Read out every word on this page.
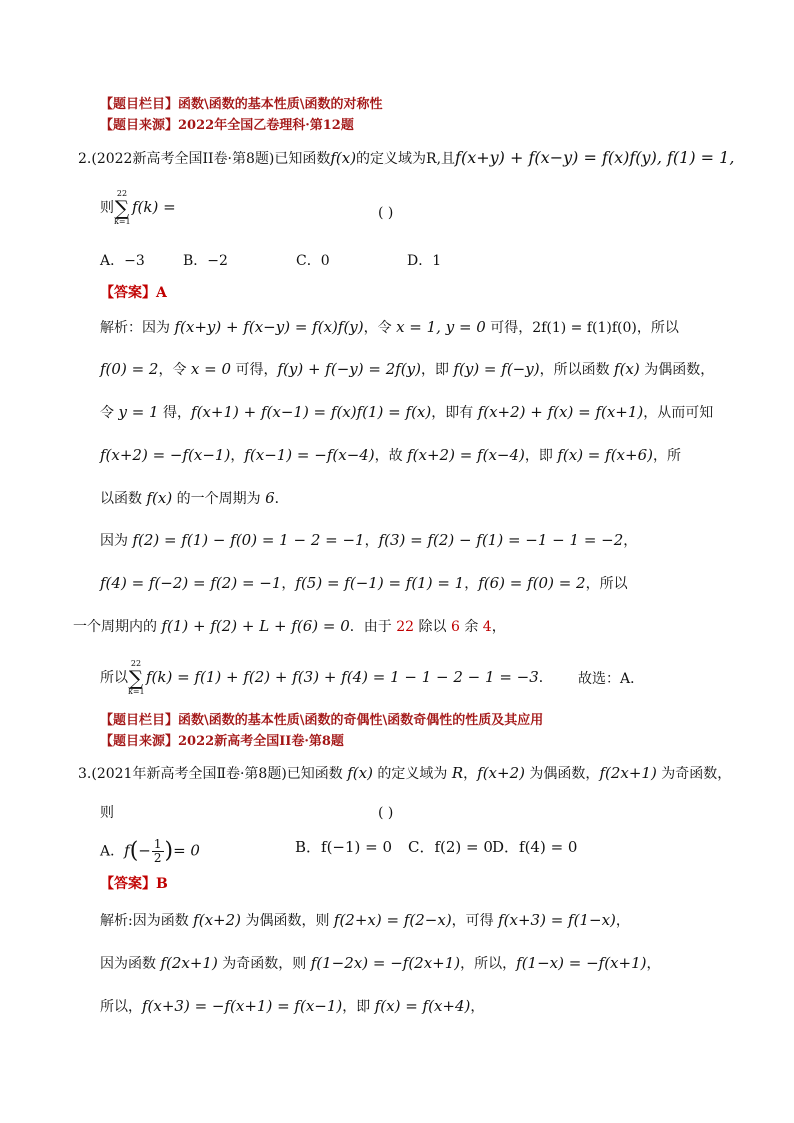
【题目栏目】函数\函数的基本性质\函数的对称性
【题目来源】2022年全国乙卷理科·第12题
2.(2022新高考全国II卷·第8题)已知函数f(x)的定义域为R,且f(x+y) + f(x−y) = f(x)f(y), f(1) = 1,
则
22
∑
k=1
f(k) =	( )
A．−3	B．−2	C．0	D．1
【答案】A
解析：因为 f(x+y) + f(x−y) = f(x)f(y)，令 x = 1, y = 0 可得，2f(1) = f(1)f(0)，所以
f(0) = 2，令 x = 0 可得，f(y) + f(−y) = 2f(y)，即 f(y) = f(−y)，所以函数 f(x) 为偶函数，
令 y = 1 得，f(x+1) + f(x−1) = f(x)f(1) = f(x)，即有 f(x+2) + f(x) = f(x+1)，从而可知
f(x+2) = −f(x−1)，f(x−1) = −f(x−4)，故 f(x+2) = f(x−4)，即 f(x) = f(x+6)，所
以函数 f(x) 的一个周期为 6．
因为 f(2) = f(1) − f(0) = 1 − 2 = −1，f(3) = f(2) − f(1) = −1 − 1 = −2，
f(4) = f(−2) = f(2) = −1，f(5) = f(−1) = f(1) = 1，f(6) = f(0) = 2，所以
一个周期内的 f(1) + f(2) + L + f(6) = 0．由于 22 除以 6 余 4，
所以
22
∑
k=1
f(k) = f(1) + f(2) + f(3) + f(4) = 1 − 1 − 2 − 1 = −3． 故选：A．
【题目栏目】函数\函数的基本性质\函数的奇偶性\函数奇偶性的性质及其应用
【题目来源】2022新高考全国II卷·第8题
3.(2021年新高考全国Ⅱ卷·第8题)已知函数 f(x) 的定义域为 R，f(x+2) 为偶函数，f(2x+1) 为奇函数，
则	( )
A．$f(- \frac{1}{2}$ )= 0	B．f(−1) = 0 C．f(2) = 0 D．f(4) = 0
【答案】B
解析:因为函数 f(x+2) 为偶函数，则 f(2+x) = f(2−x)，可得 f(x+3) = f(1−x)，
因为函数 f(2x+1) 为奇函数，则 f(1−2x) = −f(2x+1)，所以，f(1−x) = −f(x+1)，
所以，f(x+3) = −f(x+1) = f(x−1)，即 f(x) = f(x+4)，
